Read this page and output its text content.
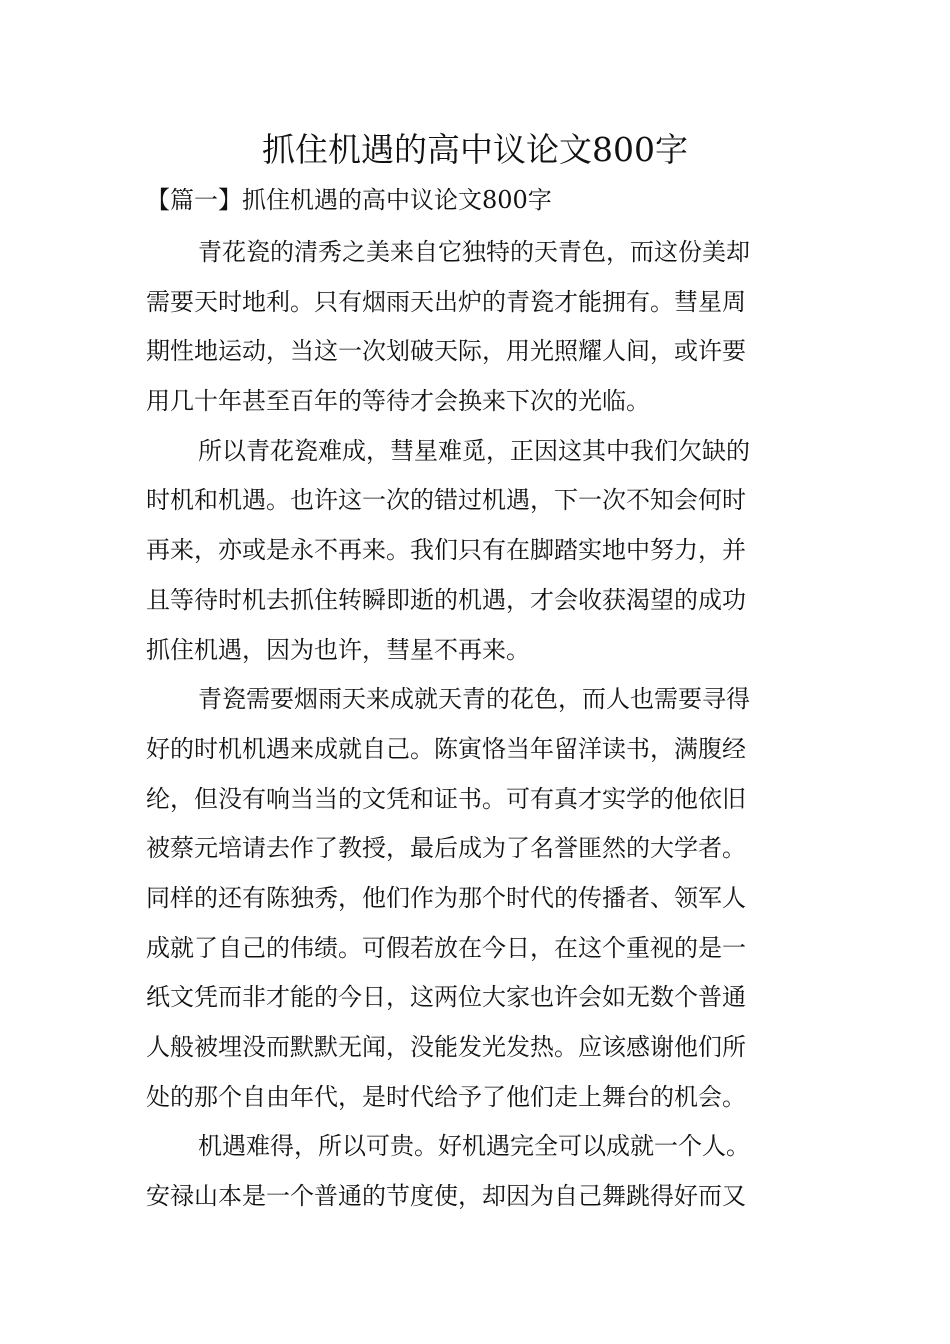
抓住机遇的高中议论文800字

【篇一】抓住机遇的高中议论文800字

青花瓷的清秀之美来自它独特的天青色，而这份美却
需要天时地利。只有烟雨天出炉的青瓷才能拥有。彗星周
期性地运动，当这一次划破天际，用光照耀人间，或许要
用几十年甚至百年的等待才会换来下次的光临。

所以青花瓷难成，彗星难觅，正因这其中我们欠缺的
时机和机遇。也许这一次的错过机遇，下一次不知会何时
再来，亦或是永不再来。我们只有在脚踏实地中努力，并
且等待时机去抓住转瞬即逝的机遇，才会收获渴望的成功
抓住机遇，因为也许，彗星不再来。

青瓷需要烟雨天来成就天青的花色，而人也需要寻得
好的时机机遇来成就自己。陈寅恪当年留洋读书，满腹经
纶，但没有响当当的文凭和证书。可有真才实学的他依旧
被蔡元培请去作了教授，最后成为了名誉匪然的大学者。
同样的还有陈独秀，他们作为那个时代的传播者、领军人
成就了自己的伟绩。可假若放在今日，在这个重视的是一
纸文凭而非才能的今日，这两位大家也许会如无数个普通
人般被埋没而默默无闻，没能发光发热。应该感谢他们所
处的那个自由年代，是时代给予了他们走上舞台的机会。

机遇难得，所以可贵。好机遇完全可以成就一个人。
安禄山本是一个普通的节度使，却因为自己舞跳得好而又
